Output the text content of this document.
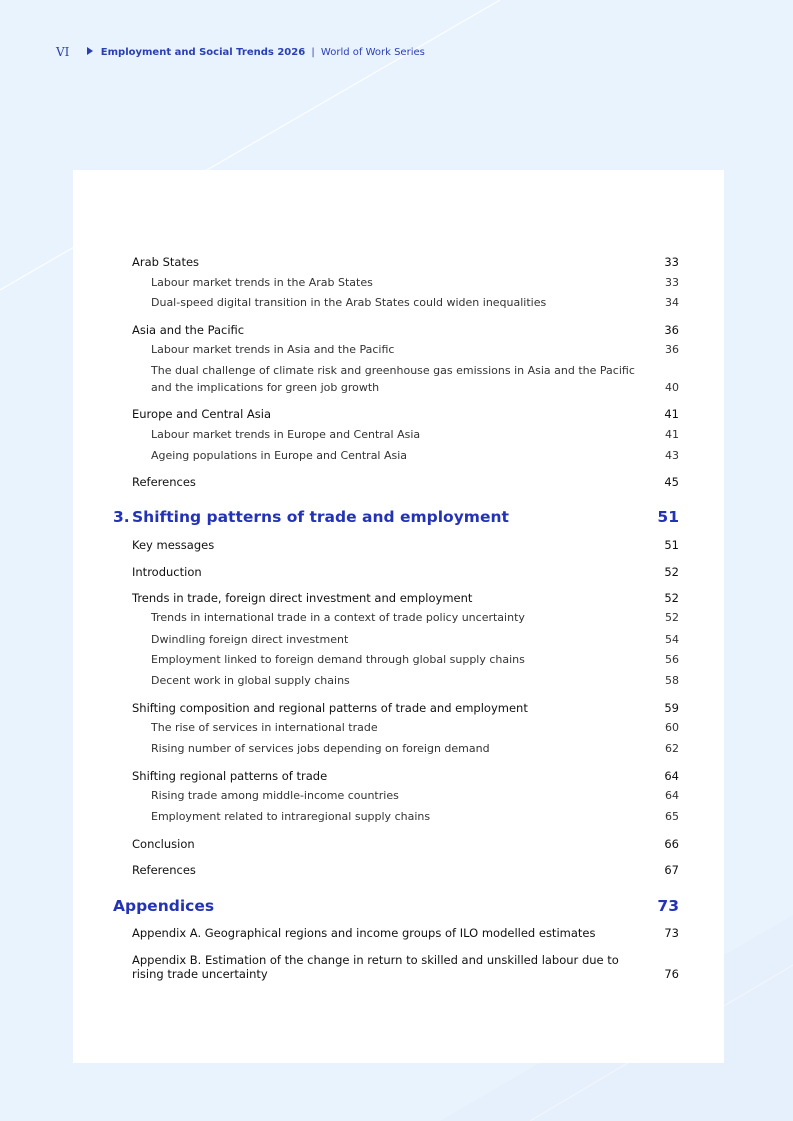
VI	Employment and Social Trends 2026 | World of Work Series
Arab States	33
Labour market trends in the Arab States	33
Dual-speed digital transition in the Arab States could widen inequalities	34
Asia and the Pacific	36
Labour market trends in Asia and the Pacific	36
The dual challenge of climate risk and greenhouse gas emissions in Asia and the Pacific
and the implications for green job growth	40
Europe and Central Asia	41
Labour market trends in Europe and Central Asia	41
Ageing populations in Europe and Central Asia	43
References	45
3. Shifting patterns of trade and employment	51
Key messages	51
Introduction	52
Trends in trade, foreign direct investment and employment	52
Trends in international trade in a context of trade policy uncertainty	52
Dwindling foreign direct investment	54
Employment linked to foreign demand through global supply chains	56
Decent work in global supply chains	58
Shifting composition and regional patterns of trade and employment	59
The rise of services in international trade	60
Rising number of services jobs depending on foreign demand	62
Shifting regional patterns of trade	64
Rising trade among middle-income countries	64
Employment related to intraregional supply chains	65
Conclusion	66
References	67
Appendices	73
Appendix A. Geographical regions and income groups of ILO modelled estimates	73
Appendix B. Estimation of the change in return to skilled and unskilled labour due to
rising trade uncertainty	76
